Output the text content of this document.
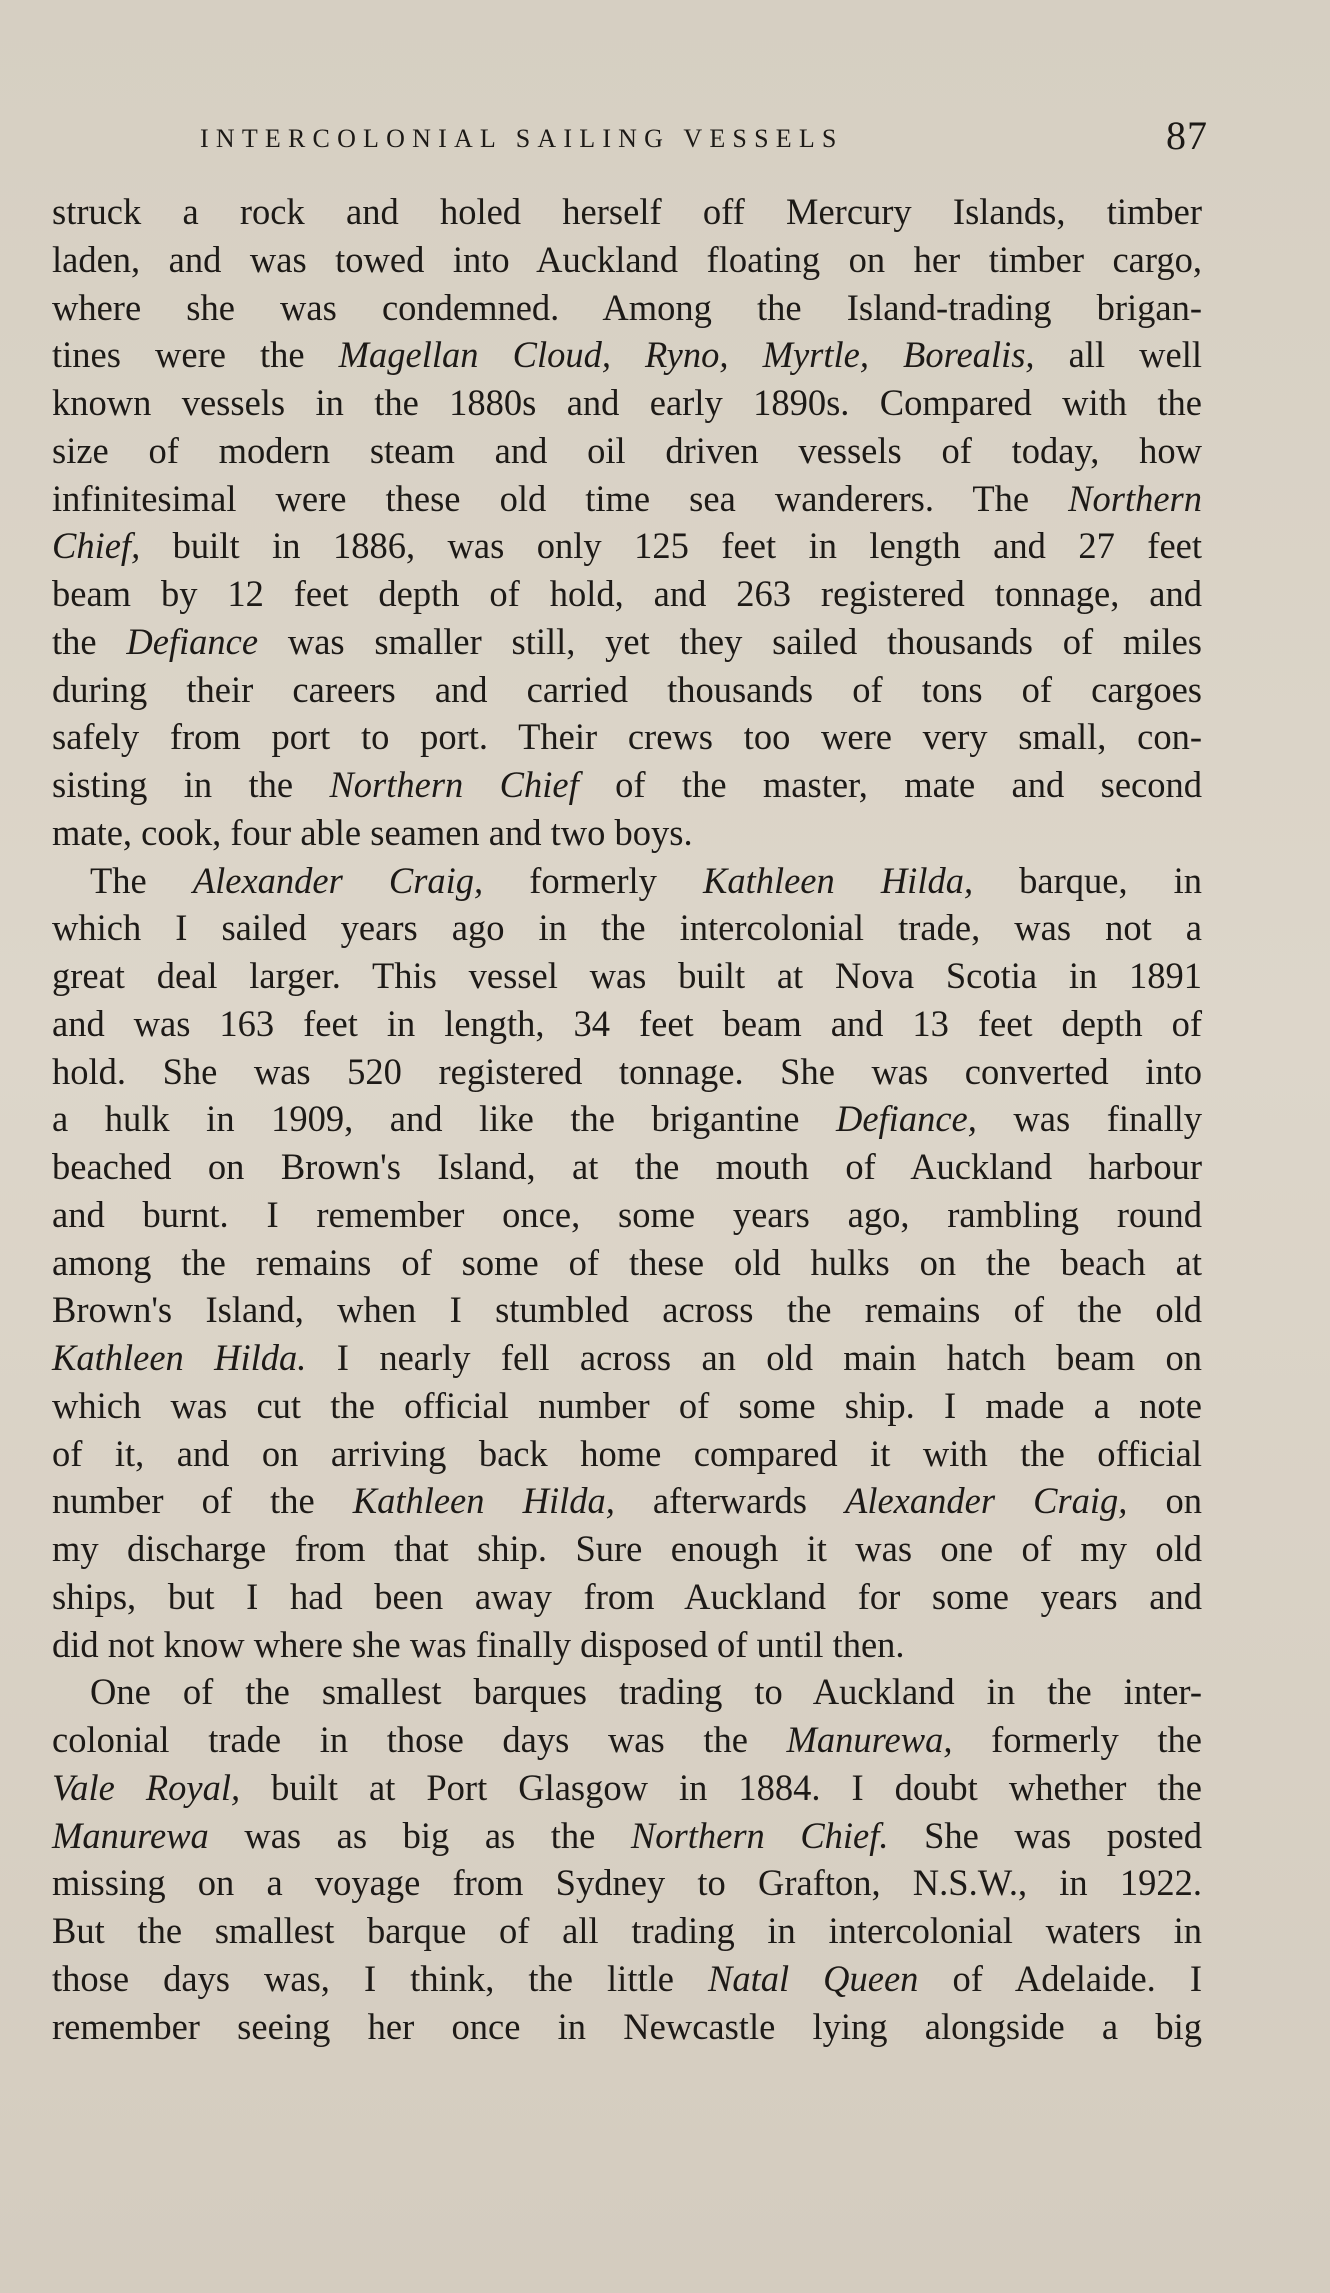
INTERCOLONIAL SAILING VESSELS	87
struck a rock and holed herself off Mercury Islands, timber
laden, and was towed into Auckland floating on her timber cargo,
where she was condemned. Among the Island-trading brigan-
tines were the Magellan Cloud, Ryno, Myrtle, Borealis, all well
known vessels in the 1880s and early 1890s. Compared with the
size of modern steam and oil driven vessels of today, how
infinitesimal were these old time sea wanderers. The Northern
Chief, built in 1886, was only 125 feet in length and 27 feet
beam by 12 feet depth of hold, and 263 registered tonnage, and
the Defiance was smaller still, yet they sailed thousands of miles
during their careers and carried thousands of tons of cargoes
safely from port to port. Their crews too were very small, con-
sisting in the Northern Chief of the master, mate and second
mate, cook, four able seamen and two boys.
The Alexander Craig, formerly Kathleen Hilda, barque, in
which I sailed years ago in the intercolonial trade, was not a
great deal larger. This vessel was built at Nova Scotia in 1891
and was 163 feet in length, 34 feet beam and 13 feet depth of
hold. She was 520 registered tonnage. She was converted into
a hulk in 1909, and like the brigantine Defiance, was finally
beached on Brown's Island, at the mouth of Auckland harbour
and burnt. I remember once, some years ago, rambling round
among the remains of some of these old hulks on the beach at
Brown's Island, when I stumbled across the remains of the old
Kathleen Hilda. I nearly fell across an old main hatch beam on
which was cut the official number of some ship. I made a note
of it, and on arriving back home compared it with the official
number of the Kathleen Hilda, afterwards Alexander Craig, on
my discharge from that ship. Sure enough it was one of my old
ships, but I had been away from Auckland for some years and
did not know where she was finally disposed of until then.
One of the smallest barques trading to Auckland in the inter-
colonial trade in those days was the Manurewa, formerly the
Vale Royal, built at Port Glasgow in 1884. I doubt whether the
Manurewa was as big as the Northern Chief. She was posted
missing on a voyage from Sydney to Grafton, N.S.W., in 1922.
But the smallest barque of all trading in intercolonial waters in
those days was, I think, the little Natal Queen of Adelaide. I
remember seeing her once in Newcastle lying alongside a big
